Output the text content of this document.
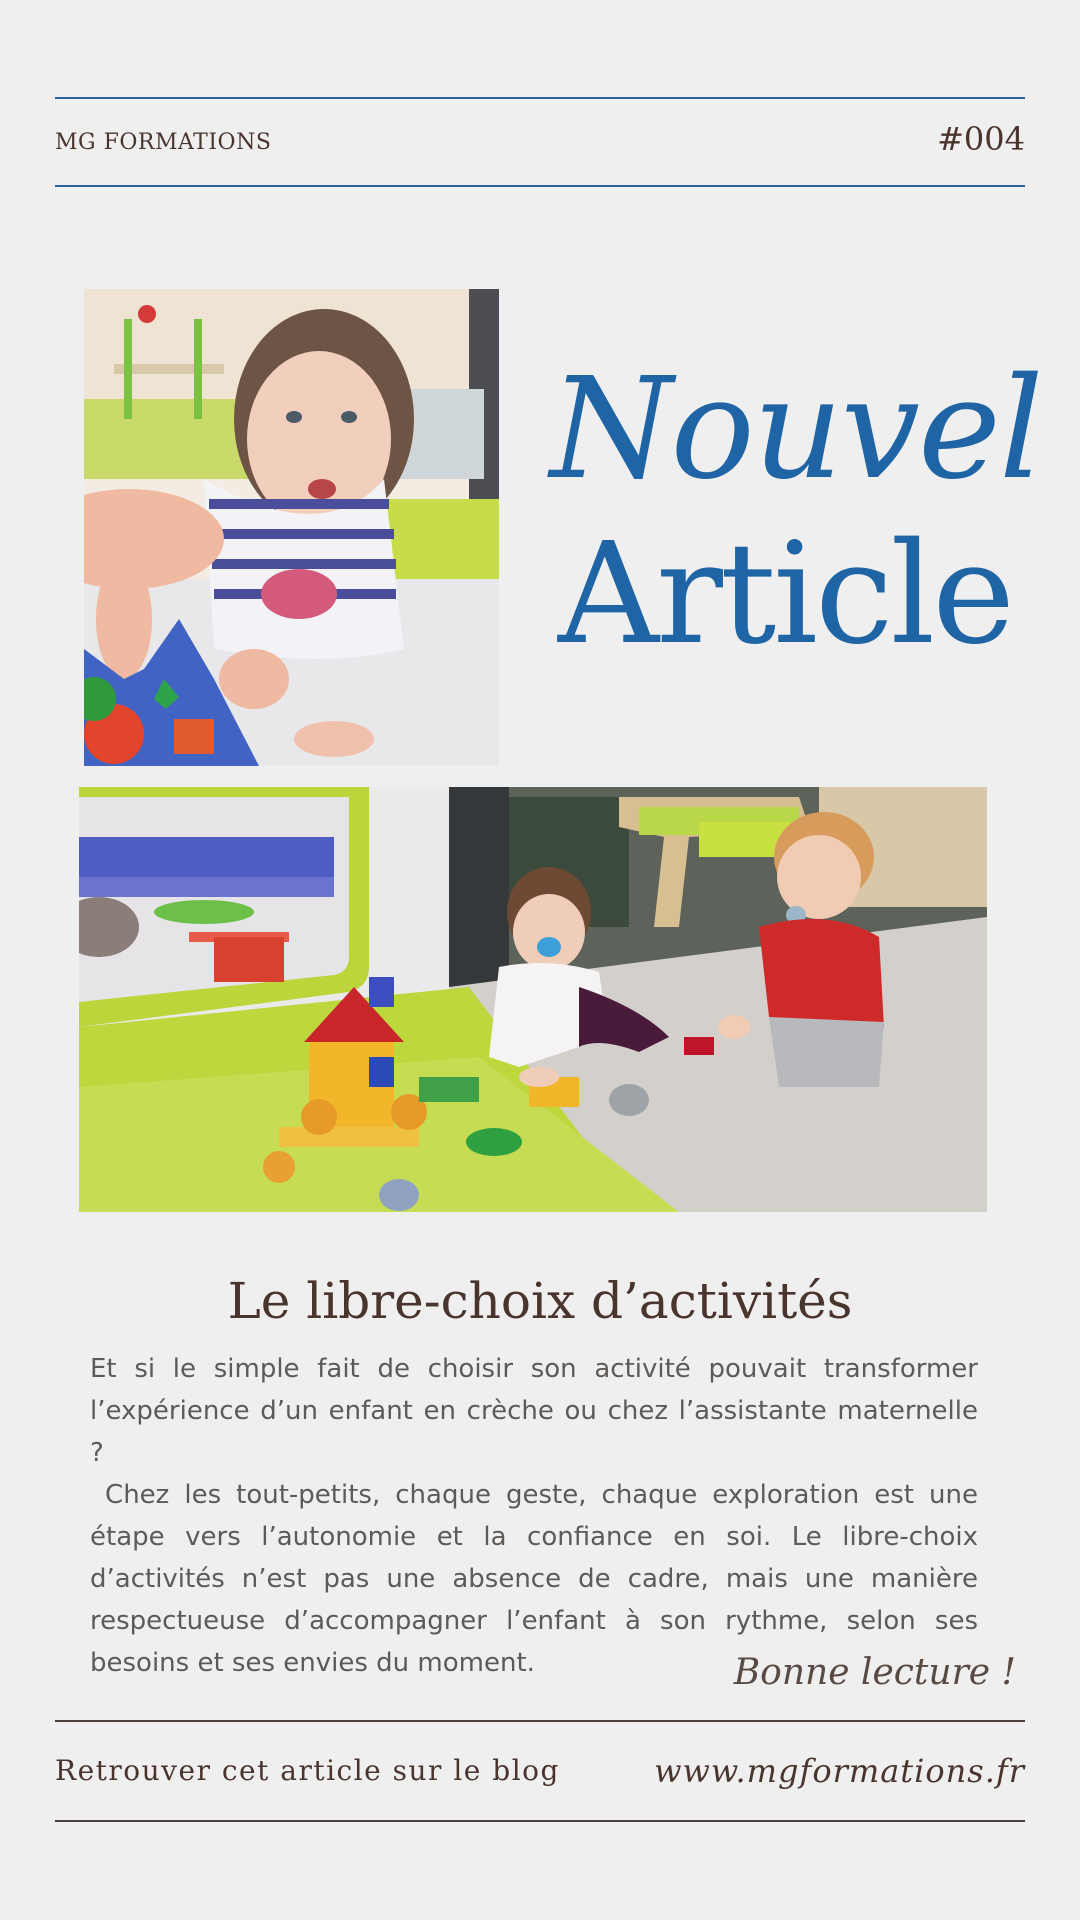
MG FORMATIONS	#004
Nouvel
Article
Le libre-choix d’activités

Et si le simple fait de choisir son activité pouvait transformer l’expérience d’un enfant en crèche ou chez l’assistante maternelle ?

Chez les tout-petits, chaque geste, chaque exploration est une étape vers l’autonomie et la confiance en soi. Le libre-choix d’activités n’est pas une absence de cadre, mais une manière respectueuse d’accompagner l’enfant à son rythme, selon ses besoins et ses envies du moment.	Bonne lecture !
Retrouver cet article sur le blog	www.mgformations.fr
